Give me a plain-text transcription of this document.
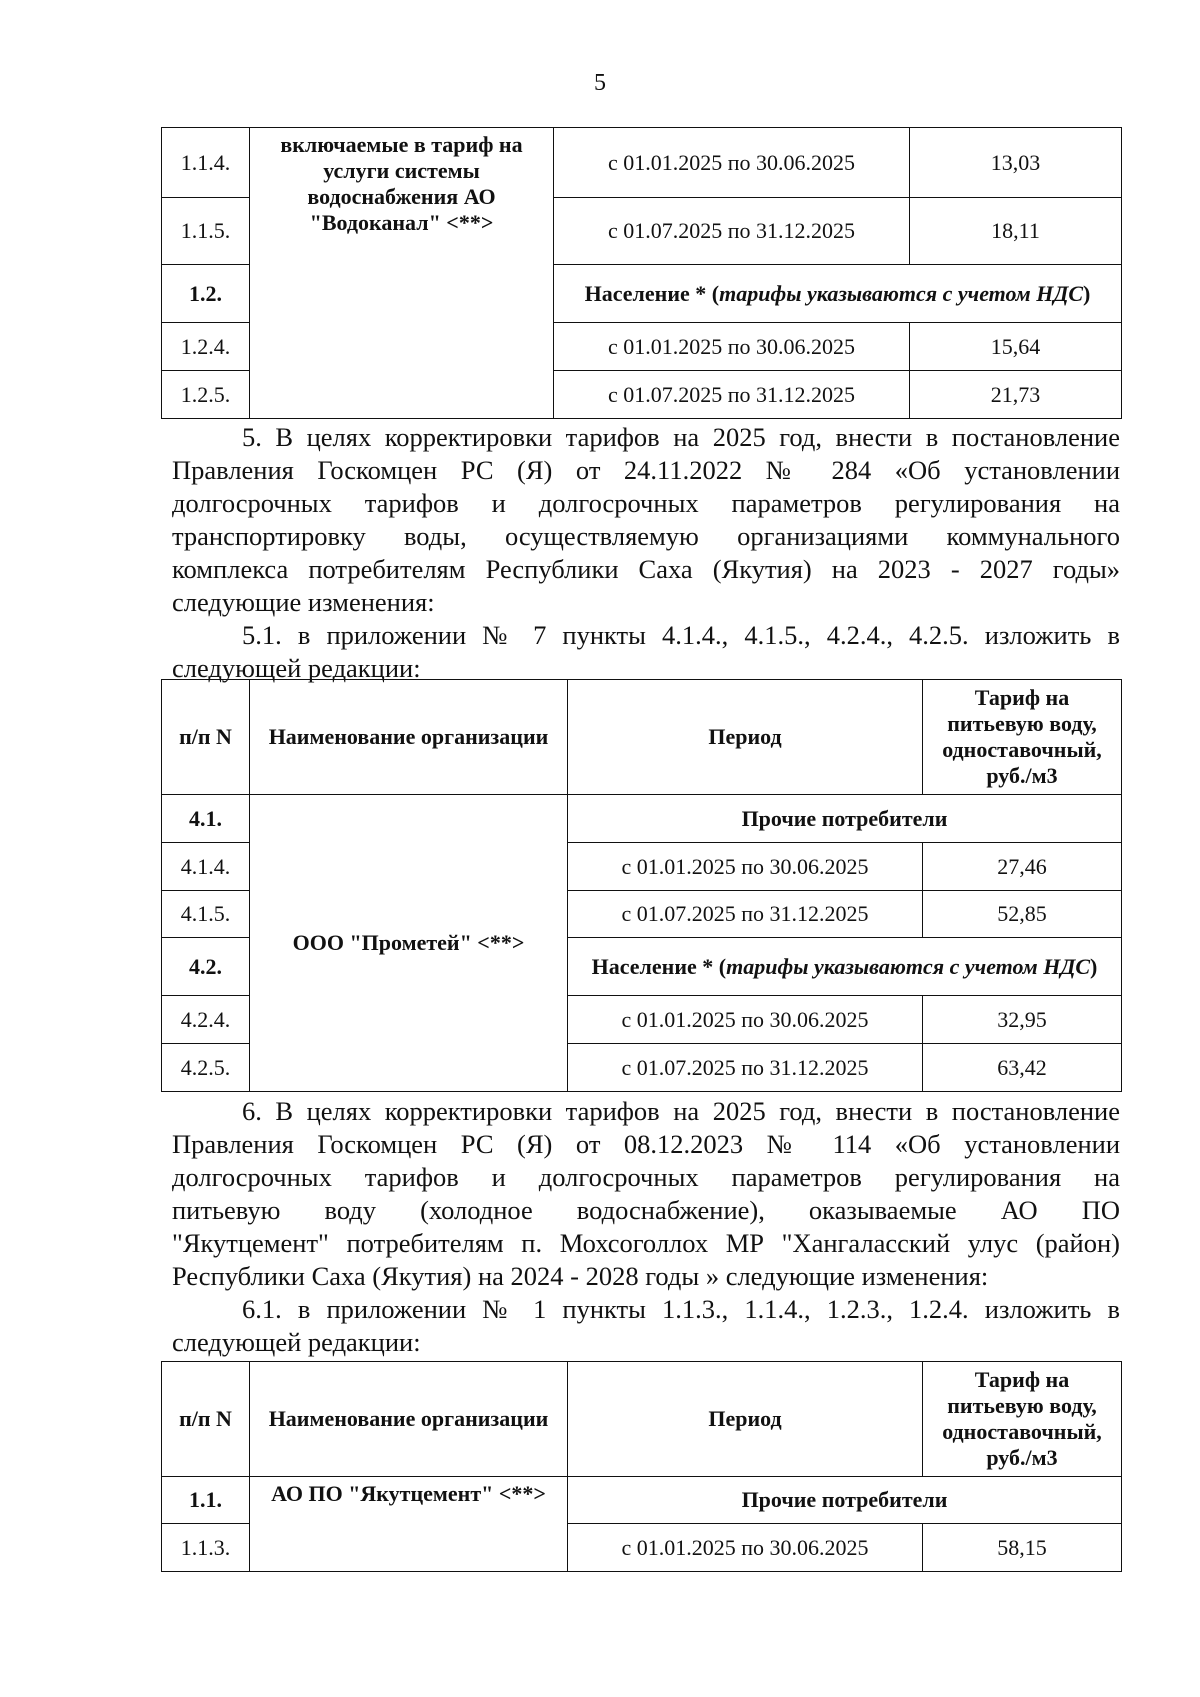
5
1.1.4.	включаемые в тариф на услуги системы водоснабжения АО "Водоканал" <**>	с 01.01.2025 по 30.06.2025	13,03
1.1.5.		с 01.07.2025 по 31.12.2025	18,11
1.2.		Население * (тарифы указываются с учетом НДС)	
1.2.4.		с 01.01.2025 по 30.06.2025	15,64
1.2.5.		с 01.07.2025 по 31.12.2025	21,73
5. В целях корректировки тарифов на 2025 год, внести в постановление
Правления Госкомцен РС (Я) от 24.11.2022 № 284 «Об установлении
долгосрочных тарифов и долгосрочных параметров регулирования на
транспортировку воды, осуществляемую организациями коммунального
комплекса потребителям Республики Саха (Якутия) на 2023 - 2027 годы»
следующие изменения:
5.1. в приложении № 7 пункты 4.1.4., 4.1.5., 4.2.4., 4.2.5. изложить в
следующей редакции:
п/п N	Наименование организации	Период	Тариф на питьевую воду, одноставочный, руб./м3
4.1.	ООО "Прометей" <**>	Прочие потребители	
4.1.4.		с 01.01.2025 по 30.06.2025	27,46
4.1.5.		с 01.07.2025 по 31.12.2025	52,85
4.2.		Население * (тарифы указываются с учетом НДС)	
4.2.4.		с 01.01.2025 по 30.06.2025	32,95
4.2.5.		с 01.07.2025 по 31.12.2025	63,42
6. В целях корректировки тарифов на 2025 год, внести в постановление
Правления Госкомцен РС (Я) от 08.12.2023 № 114 «Об установлении
долгосрочных тарифов и долгосрочных параметров регулирования на
питьевую воду (холодное водоснабжение), оказываемые АО ПО
"Якутцемент" потребителям п. Мохсоголлох МР "Хангаласский улус (район)
Республики Саха (Якутия) на 2024 - 2028 годы » следующие изменения:
6.1. в приложении № 1 пункты 1.1.3., 1.1.4., 1.2.3., 1.2.4. изложить в
следующей редакции:
п/п N	Наименование организации	Период	Тариф на питьевую воду, одноставочный, руб./м3
1.1.	АО ПО "Якутцемент" <**>	Прочие потребители	
1.1.3.		с 01.01.2025 по 30.06.2025	58,15
